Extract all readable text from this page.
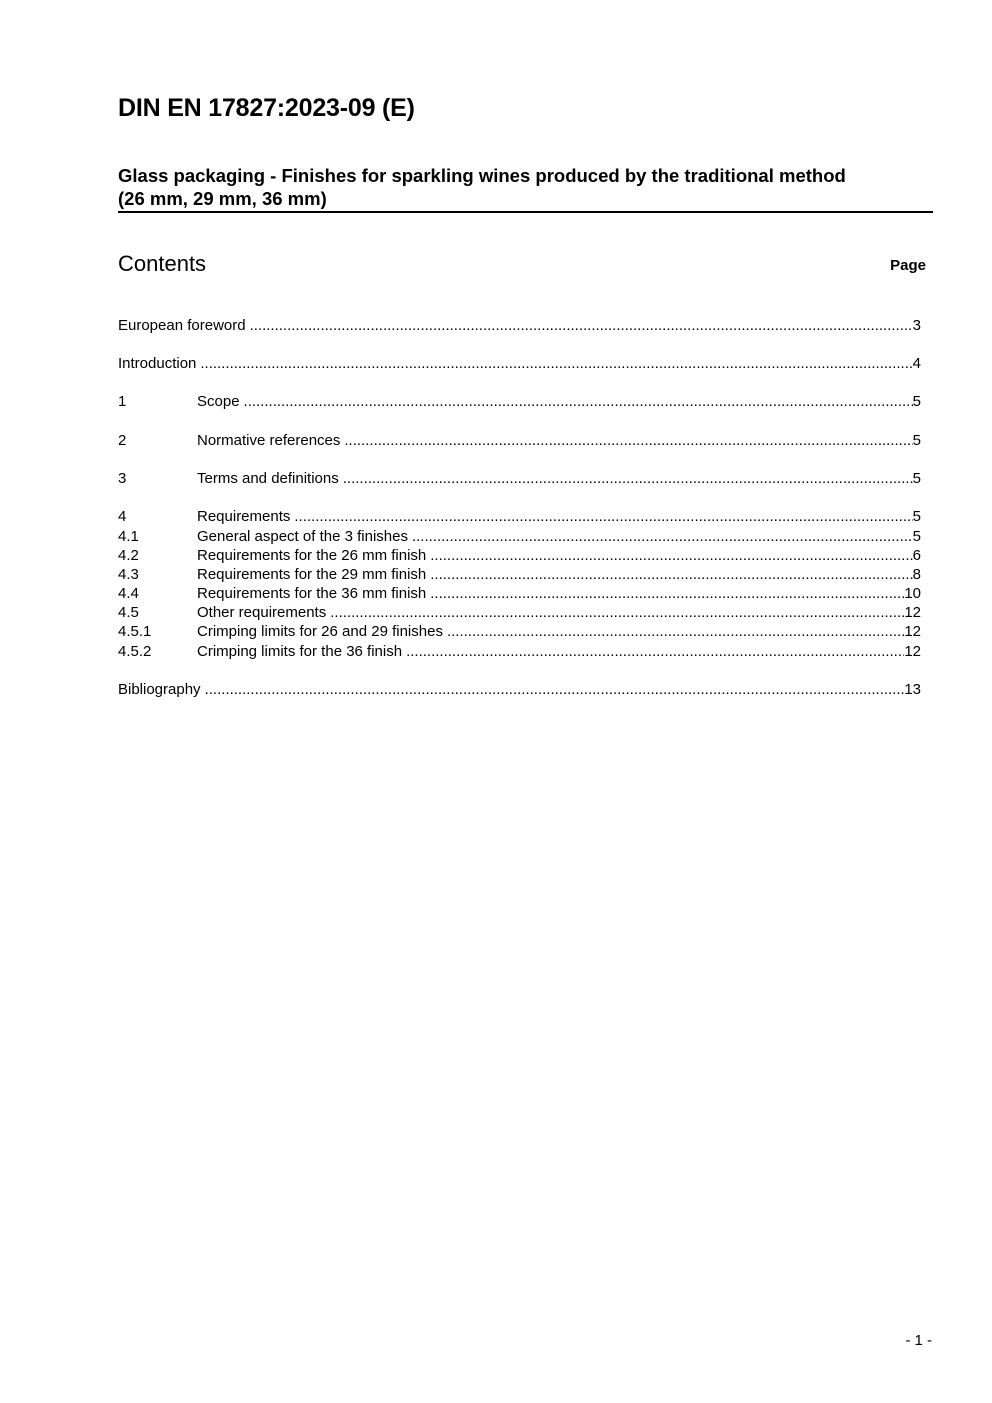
DIN EN 17827:2023-09 (E)
Glass packaging - Finishes for sparkling wines produced by the traditional method
(26 mm, 29 mm, 36 mm)
Contents	Page
European foreword .....	3
Introduction .....	4
1	Scope .....	5
2	Normative references .....	5
3	Terms and definitions .....	5
4	Requirements .....	5
4.1	General aspect of the 3 finishes .....	5
4.2	Requirements for the 26 mm finish .....	6
4.3	Requirements for the 29 mm finish .....	8
4.4	Requirements for the 36 mm finish .....	10
4.5	Other requirements .....	12
4.5.1	Crimping limits for 26 and 29 finishes .....	12
4.5.2	Crimping limits for the 36 finish .....	12
Bibliography .....	13
- 1 -
